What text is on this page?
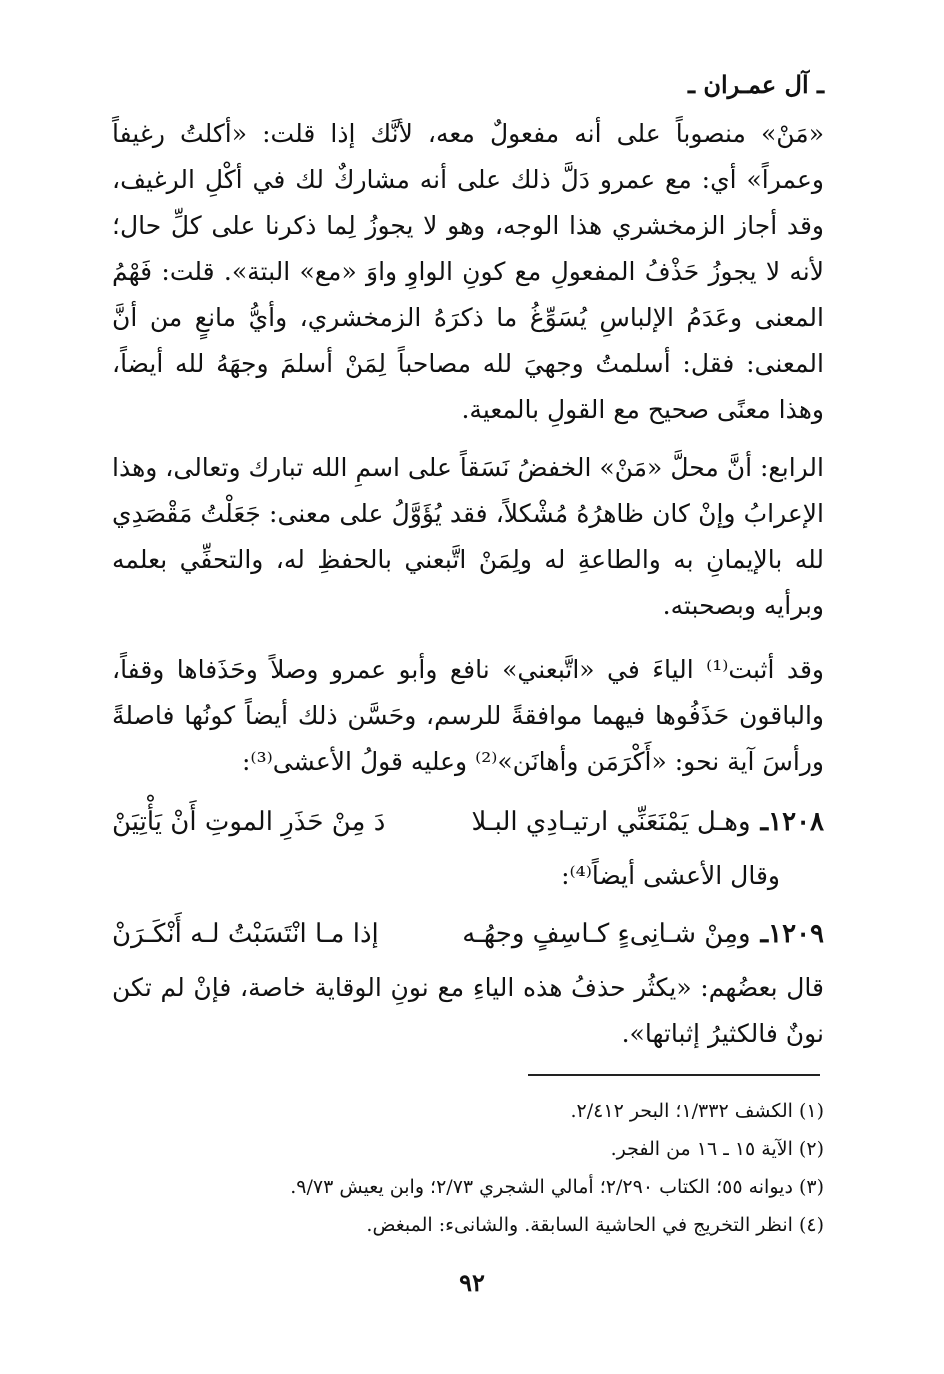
ـ آل عمـران ـ

«مَنْ» منصوباً على أنه مفعولٌ معه، لأنَّك إذا قلت: «أكلتُ رغيفاً وعمراً» أي: مع عمرو دَلَّ ذلك على أنه مشاركٌ لك في أكْلِ الرغيف، وقد أجاز الزمخشري هذا الوجه، وهو لا يجوزُ لِما ذكرنا على كلِّ حال؛ لأنه لا يجوزُ حَذْفُ المفعولِ مع كونِ الواوِ واوَ «مع» البتة». قلت: فَهْمُ المعنى وعَدَمُ الإلباسِ يُسَوِّغُ ما ذكرَهُ الزمخشري، وأيُّ مانعٍ من أنَّ المعنى: فقل: أسلمتُ وجهيَ لله مصاحباً لِمَنْ أسلمَ وجهَهُ لله أيضاً، وهذا معنًى صحيح مع القولِ بالمعية.

الرابع: أنَّ محلَّ «مَنْ» الخفضُ نَسَقاً على اسمِ الله تبارك وتعالى، وهذا الإعرابُ وإنْ كان ظاهرُهُ مُشْكلاً، فقد يُؤَوَّلُ على معنى: جَعَلْتُ مَقْصَدِي لله بالإيمانِ به والطاعةِ له ولِمَنْ اتَّبعني بالحفظِ له، والتحفِّي بعلمه وبرأيه وبصحبته.

وقد أثبت⁽¹⁾ الياءَ في «اتَّبعني» نافع وأبو عمرو وصلاً وحَذَفاها وقفاً، والباقون حَذَفُوها فيهما موافقةً للرسم، وحَسَّن ذلك أيضاً كونُها فاصلةً ورأسَ آية نحو: «أَكْرَمَن وأهانَن»⁽²⁾ وعليه قولُ الأعشى⁽³⁾:

١٢٠٨ـ
وهـل يَمْنَعَنِّي ارتيـادِي البـلا
دَ مِنْ حَذَرِ الموتِ أَنْ يَأْتِيَنْ

وقال الأعشى أيضاً⁽⁴⁾:

١٢٠٩ـ
ومِنْ شـانِىءٍ كـاسِفٍ وجهُـه
إذا مـا انْتَسَبْتُ لـه أَنْكَـرَنْ

قال بعضُهم: «يكثُر حذفُ هذه الياءِ مع نونِ الوقاية خاصة، فإنْ لم تكن نونٌ فالكثيرُ إثباتها».

(١) الكشف ١/٣٣٢؛ البحر ٢/٤١٢.

(٢) الآية ١٥ ـ ١٦ من الفجر.

(٣) ديوانه ٥٥؛ الكتاب ٢/٢٩٠؛ أمالي الشجري ٢/٧٣؛ وابن يعيش ٩/٧٣.

(٤) انظر التخريج في الحاشية السابقة. والشانىء: المبغض.

٩٢
